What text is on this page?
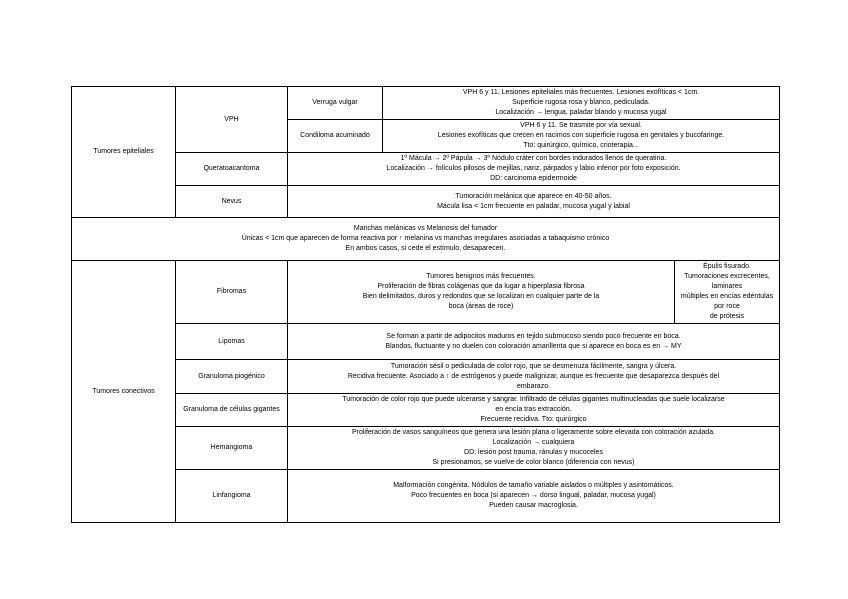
Tumores epiteliales	VPH	Verruga vulgar	VPH 6 y 11. Lesiones epiteliales más frecuentes. Lesiones exofíticas < 1cm.
Superficie rugosa rosa y blanco, pediculada.
Localización → lengua, paladar blando y mucosa yugal	

		Condiloma acuminado	VPH 6 y 11. Se trasmite por vía sexual.
Lesiones exofíticas que crecen en racimos con superficie rugosa en genitales y bucofaringe.
Tto: quirúrgico, químico, crioterapia...	

	Queratoacantoma	1º Mácula → 2º Pápula → 3º Nódulo cráter con bordes indurados llenos de queratina.
Localización → folículos pilosos de mejillas, nariz, párpados y labio inferior por foto exposición.
DD: carcinoma epidermoide		

	Nevus	Tumoración melánica que aparece en 40-50 años.
Mácula lisa < 1cm frecuente en paladar, mucosa yugal y labial		

Manchas melánicas vs Melanosis del fumador
Únicas < 1cm que aparecen de forma reactiva por ↑ melanina vs manchas irregulares asociadas a tabaquismo crónico
En ambos casos, si cede el estímulo, desaparecen.				

Tumores conectivos	Fibromas	Tumores benignos más frecuentes.
Proliferación de fibras colágenas que da lugar a hiperplasia fibrosa
Bien delimitados, duros y redondos que se localizan en cualquier parte de la
boca (áreas de roce)		Épulis fisurado.
Tumoraciones excrecentes, laminares
múltiples en encías edéntulas por roce
de prótesis

	Lipomas	Se forman a partir de adipocitos maduros en tejido submucoso siendo poco frecuente en boca.
Blandos, fluctuante y no duelen con coloración amarillenta que si aparece en boca es en → MY		

	Granuloma piogénico	Tumoración sésil o pediculada de color rojo, que se desmenuza fácilmente, sangra y úlcera.
Recidiva frecuente. Asociado a ↑ de estrógenos y puede malignizar, aunque es frecuente que desaparezca después del
embarazo.		

	Granuloma de células gigantes	Tumoración de color rojo que puede ulcerarse y sangrar. Infiltrado de células gigantes multinucleadas que suele localizarse
en encía tras extracción.
Frecuente recidiva. Tto: quirúrgico		

	Hemangioma	Proliferación de vasos sanguíneos que genera una lesión plana o ligeramente sobre elevada con coloración azulada.
Localización → cualquiera
DD: lesión post trauma, ránulas y mucoceles
Si presionamos, se vuelve de color blanco (diferencia con nevus)		

	Linfangioma	Malformación congénita. Nódulos de tamaño variable aislados o múltiples y asintomáticos.
Poco frecuentes en boca (si aparecen → dorso lingual, paladar, mucosa yugal)
Pueden causar macroglosia.		
